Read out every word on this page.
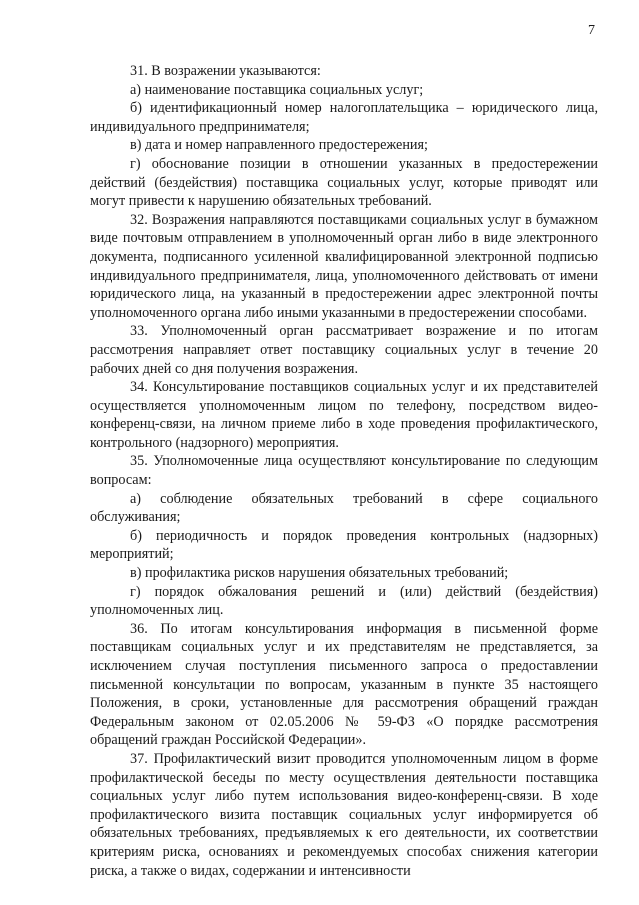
7

31. В возражении указываются:

а) наименование поставщика социальных услуг;

б) идентификационный номер налогоплательщика – юридического лица, индивидуального предпринимателя;

в) дата и номер направленного предостережения;

г) обоснование позиции в отношении указанных в предостережении действий (бездействия) поставщика социальных услуг, которые приводят или могут привести к нарушению обязательных требований.

32. Возражения направляются поставщиками социальных услуг в бумажном виде почтовым отправлением в уполномоченный орган либо в виде электронного документа, подписанного усиленной квалифицированной электронной подписью индивидуального предпринимателя, лица, уполномоченного действовать от имени юридического лица, на указанный в предостережении адрес электронной почты уполномоченного органа либо иными указанными в предостережении способами.

33. Уполномоченный орган рассматривает возражение и по итогам рассмотрения направляет ответ поставщику социальных услуг в течение 20 рабочих дней со дня получения возражения.

34. Консультирование поставщиков социальных услуг и их представителей осуществляется уполномоченным лицом по телефону, посредством видео-конференц-связи, на личном приеме либо в ходе проведения профилактического, контрольного (надзорного) мероприятия.

35. Уполномоченные лица осуществляют консультирование по следующим вопросам:

а) соблюдение обязательных требований в сфере социального обслуживания;

б) периодичность и порядок проведения контрольных (надзорных) мероприятий;

в) профилактика рисков нарушения обязательных требований;

г) порядок обжалования решений и (или) действий (бездействия) уполномоченных лиц.

36. По итогам консультирования информация в письменной форме поставщикам социальных услуг и их представителям не представляется, за исключением случая поступления письменного запроса о предоставлении письменной консультации по вопросам, указанным в пункте 35 настоящего Положения, в сроки, установленные для рассмотрения обращений граждан Федеральным законом от 02.05.2006 № 59-ФЗ «О порядке рассмотрения обращений граждан Российской Федерации».

37. Профилактический визит проводится уполномоченным лицом в форме профилактической беседы по месту осуществления деятельности поставщика социальных услуг либо путем использования видео-конференц-связи. В ходе профилактического визита поставщик социальных услуг информируется об обязательных требованиях, предъявляемых к его деятельности, их соответствии критериям риска, основаниях и рекомендуемых способах снижения категории риска, а также о видах, содержании и интенсивности
